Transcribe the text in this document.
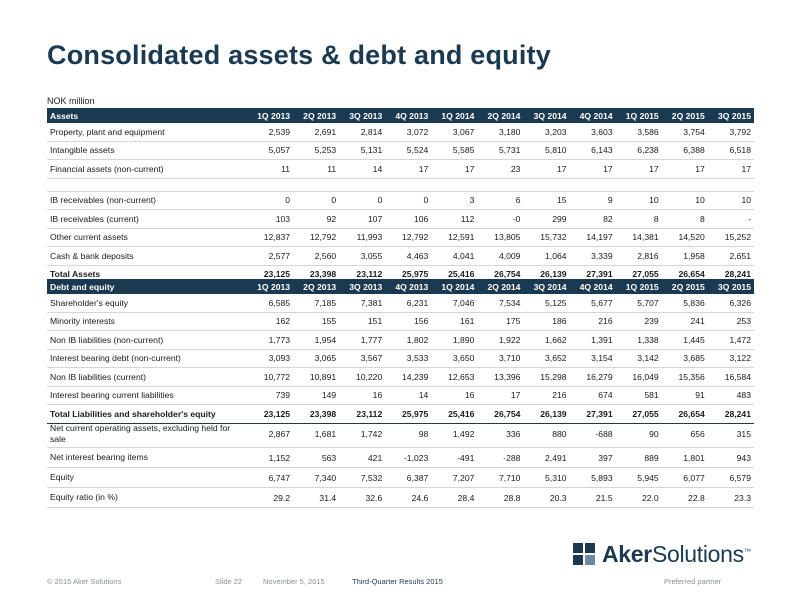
Consolidated assets & debt and equity
NOK million
Assets	1Q 2013	2Q 2013	3Q 2013	4Q 2013	1Q 2014	2Q 2014	3Q 2014	4Q 2014	1Q 2015	2Q 2015	3Q 2015
Property, plant and equipment	2,539	2,691	2,814	3,072	3,067	3,180	3,203	3,603	3,586	3,754	3,792
Intangible assets	5,057	5,253	5,131	5,524	5,585	5,731	5,810	6,143	6,238	6,388	6,518
Financial assets (non-current)	11	11	14	17	17	23	17	17	17	17	17

IB receivables (non-current)	0	0	0	0	3	6	15	9	10	10	10
IB receivables (current)	103	92	107	106	112	-0	299	82	8	8	-
Other current assets	12,837	12,792	11,993	12,792	12,591	13,805	15,732	14,197	14,381	14,520	15,252
Cash & bank deposits	2,577	2,560	3,055	4,463	4,041	4,009	1,064	3,339	2,816	1,958	2,651
Total Assets	23,125	23,398	23,112	25,975	25,416	26,754	26,139	27,391	27,055	26,654	28,241
Debt and equity	1Q 2013	2Q 2013	3Q 2013	4Q 2013	1Q 2014	2Q 2014	3Q 2014	4Q 2014	1Q 2015	2Q 2015	3Q 2015
Shareholder's equity	6,585	7,185	7,381	6,231	7,046	7,534	5,125	5,677	5,707	5,836	6,326
Minority interests	162	155	151	156	161	175	186	216	239	241	253
Non IB liabilities (non-current)	1,773	1,954	1,777	1,802	1,890	1,922	1,662	1,391	1,338	1,445	1,472
Interest bearing debt (non-current)	3,093	3,065	3,567	3,533	3,650	3,710	3,652	3,154	3,142	3,685	3,122
Non IB liabilities (current)	10,772	10,891	10,220	14,239	12,653	13,396	15,298	16,279	16,049	15,356	16,584
Interest bearing current liabilities	739	149	16	14	16	17	216	674	581	91	483
Total Liabilities and shareholder's equity	23,125	23,398	23,112	25,975	25,416	26,754	26,139	27,391	27,055	26,654	28,241
Net current operating assets, excluding held for sale	2,867	1,681	1,742	98	1,492	336	880	-688	90	656	315
Net interest bearing items	1,152	563	421	-1,023	-491	-288	2,491	397	889	1,801	943
Equity	6,747	7,340	7,532	6,387	7,207	7,710	5,310	5,893	5,945	6,077	6,579
Equity ratio (in %)	29.2	31.4	32.6	24.6	28.4	28.8	20.3	21.5	22.0	22.8	23.3
AkerSolutions™
© 2015 Aker Solutions	Slide 22	November 5, 2015	Third-Quarter Results 2015	Preferred partner
